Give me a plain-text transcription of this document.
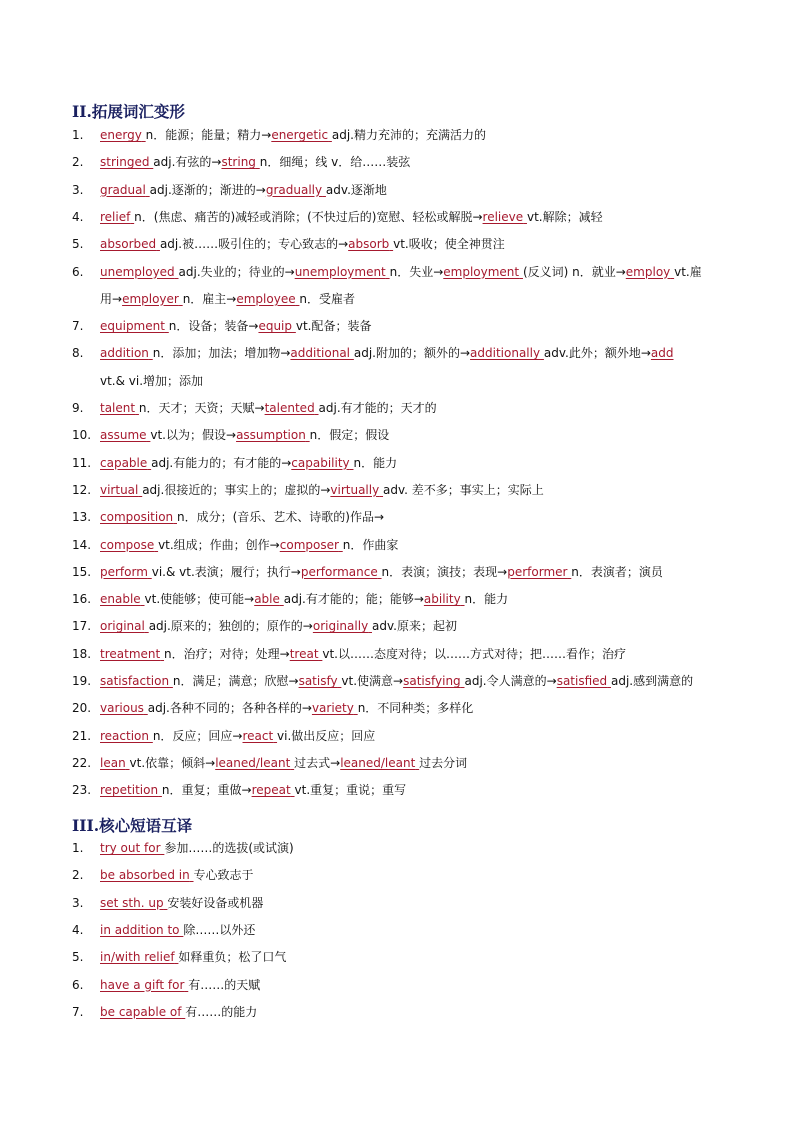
II.拓展词汇变形
1. energy n．能源；能量；精力→energetic adj.精力充沛的；充满活力的
2. stringed adj.有弦的→string n．细绳；线 v．给……装弦
3. gradual adj.逐渐的；渐进的→gradually adv.逐渐地
4. relief n．(焦虑、痛苦的)减轻或消除；(不快过后的)宽慰、轻松或解脱→relieve vt.解除；减轻
5. absorbed adj.被……吸引住的；专心致志的→absorb vt.吸收；使全神贯注
6. unemployed adj.失业的；待业的→unemployment n．失业→employment (反义词) n．就业→employ vt.雇
用→employer n．雇主→employee n．受雇者
7. equipment n．设备；装备→equip vt.配备；装备
8. addition n．添加；加法；增加物→additional adj.附加的；额外的→additionally adv.此外；额外地→add
vt.& vi.增加；添加
9. talent n．天才；天资；天赋→talented adj.有才能的；天才的
10. assume vt.以为；假设→assumption n．假定；假设
11. capable adj.有能力的；有才能的→capability n．能力
12. virtual adj.很接近的；事实上的；虚拟的→virtually adv. 差不多；事实上；实际上
13. composition n．成分；(音乐、艺术、诗歌的)作品→
14. compose vt.组成；作曲；创作→composer n．作曲家
15. perform vi.& vt.表演；履行；执行→performance n．表演；演技；表现→performer n．表演者；演员
16. enable vt.使能够；使可能→able adj.有才能的；能；能够→ability n．能力
17. original adj.原来的；独创的；原作的→originally adv.原来；起初
18. treatment n．治疗；对待；处理→treat vt.以……态度对待；以……方式对待；把……看作；治疗
19. satisfaction n．满足；满意；欣慰→satisfy vt.使满意→satisfying adj.令人满意的→satisfied adj.感到满意的
20. various adj.各种不同的；各种各样的→variety n．不同种类；多样化
21. reaction n．反应；回应→react vi.做出反应；回应
22. lean vt.依靠；倾斜→leaned/leant 过去式→leaned/leant 过去分词
23. repetition n．重复；重做→repeat vt.重复；重说；重写
III.核心短语互译
1. try out for 参加……的选拔(或试演)
2. be absorbed in 专心致志于
3. set sth. up 安装好设备或机器
4. in addition to 除……以外还
5. in/with relief 如释重负；松了口气
6. have a gift for 有……的天赋
7. be capable of 有……的能力
